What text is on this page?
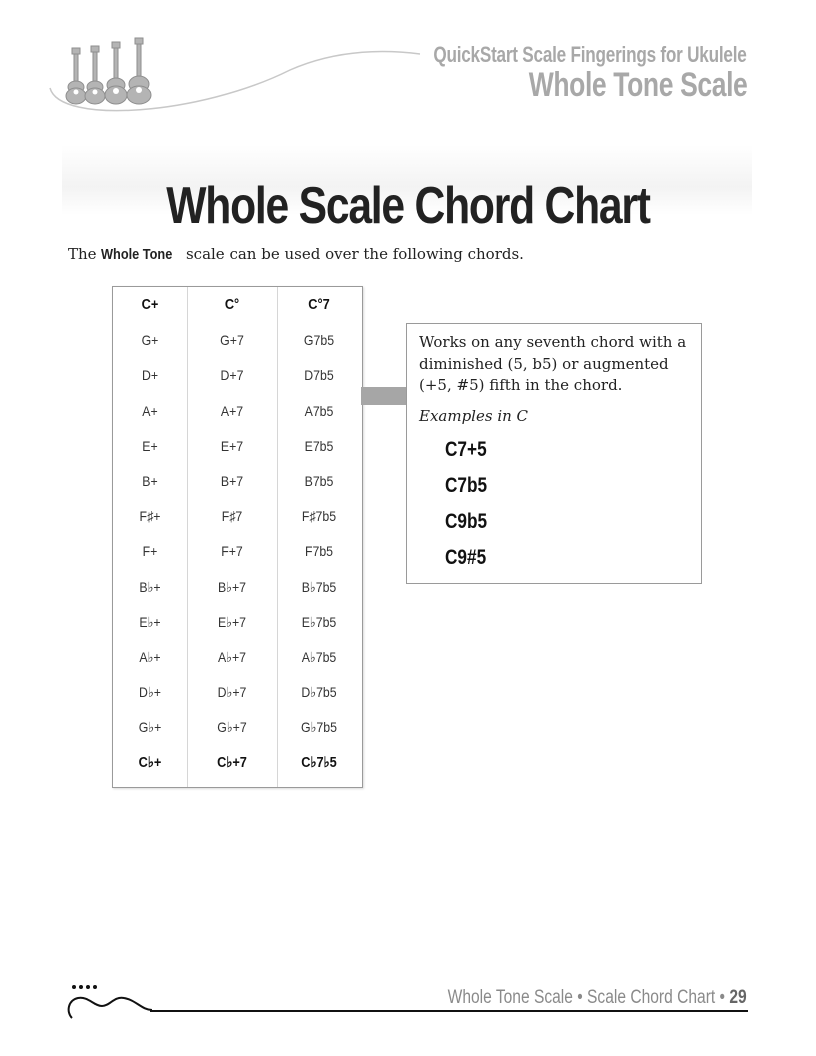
QuickStart Scale Fingerings for Ukulele
Whole Tone Scale
Whole Scale Chord Chart
The Whole Tone scale can be used over the following chords.
C+	C°	C°7
G+	G+7	G7b5
D+	D+7	D7b5
A+	A+7	A7b5
E+	E+7	E7b5
B+	B+7	B7b5
F♯+	F♯7	F♯7b5
F+	F+7	F7b5
B♭+	B♭+7	B♭7b5
E♭+	E♭+7	E♭7b5
A♭+	A♭+7	A♭7b5
D♭+	D♭+7	D♭7b5
G♭+	G♭+7	G♭7b5
C♭+	C♭+7	C♭7♭5
Works on any seventh chord with a diminished (5, b5) or augmented (+5, #5) fifth in the chord.
Examples in C
C7+5
C7b5
C9b5
C9#5
Whole Tone Scale • Scale Chord Chart • 29
